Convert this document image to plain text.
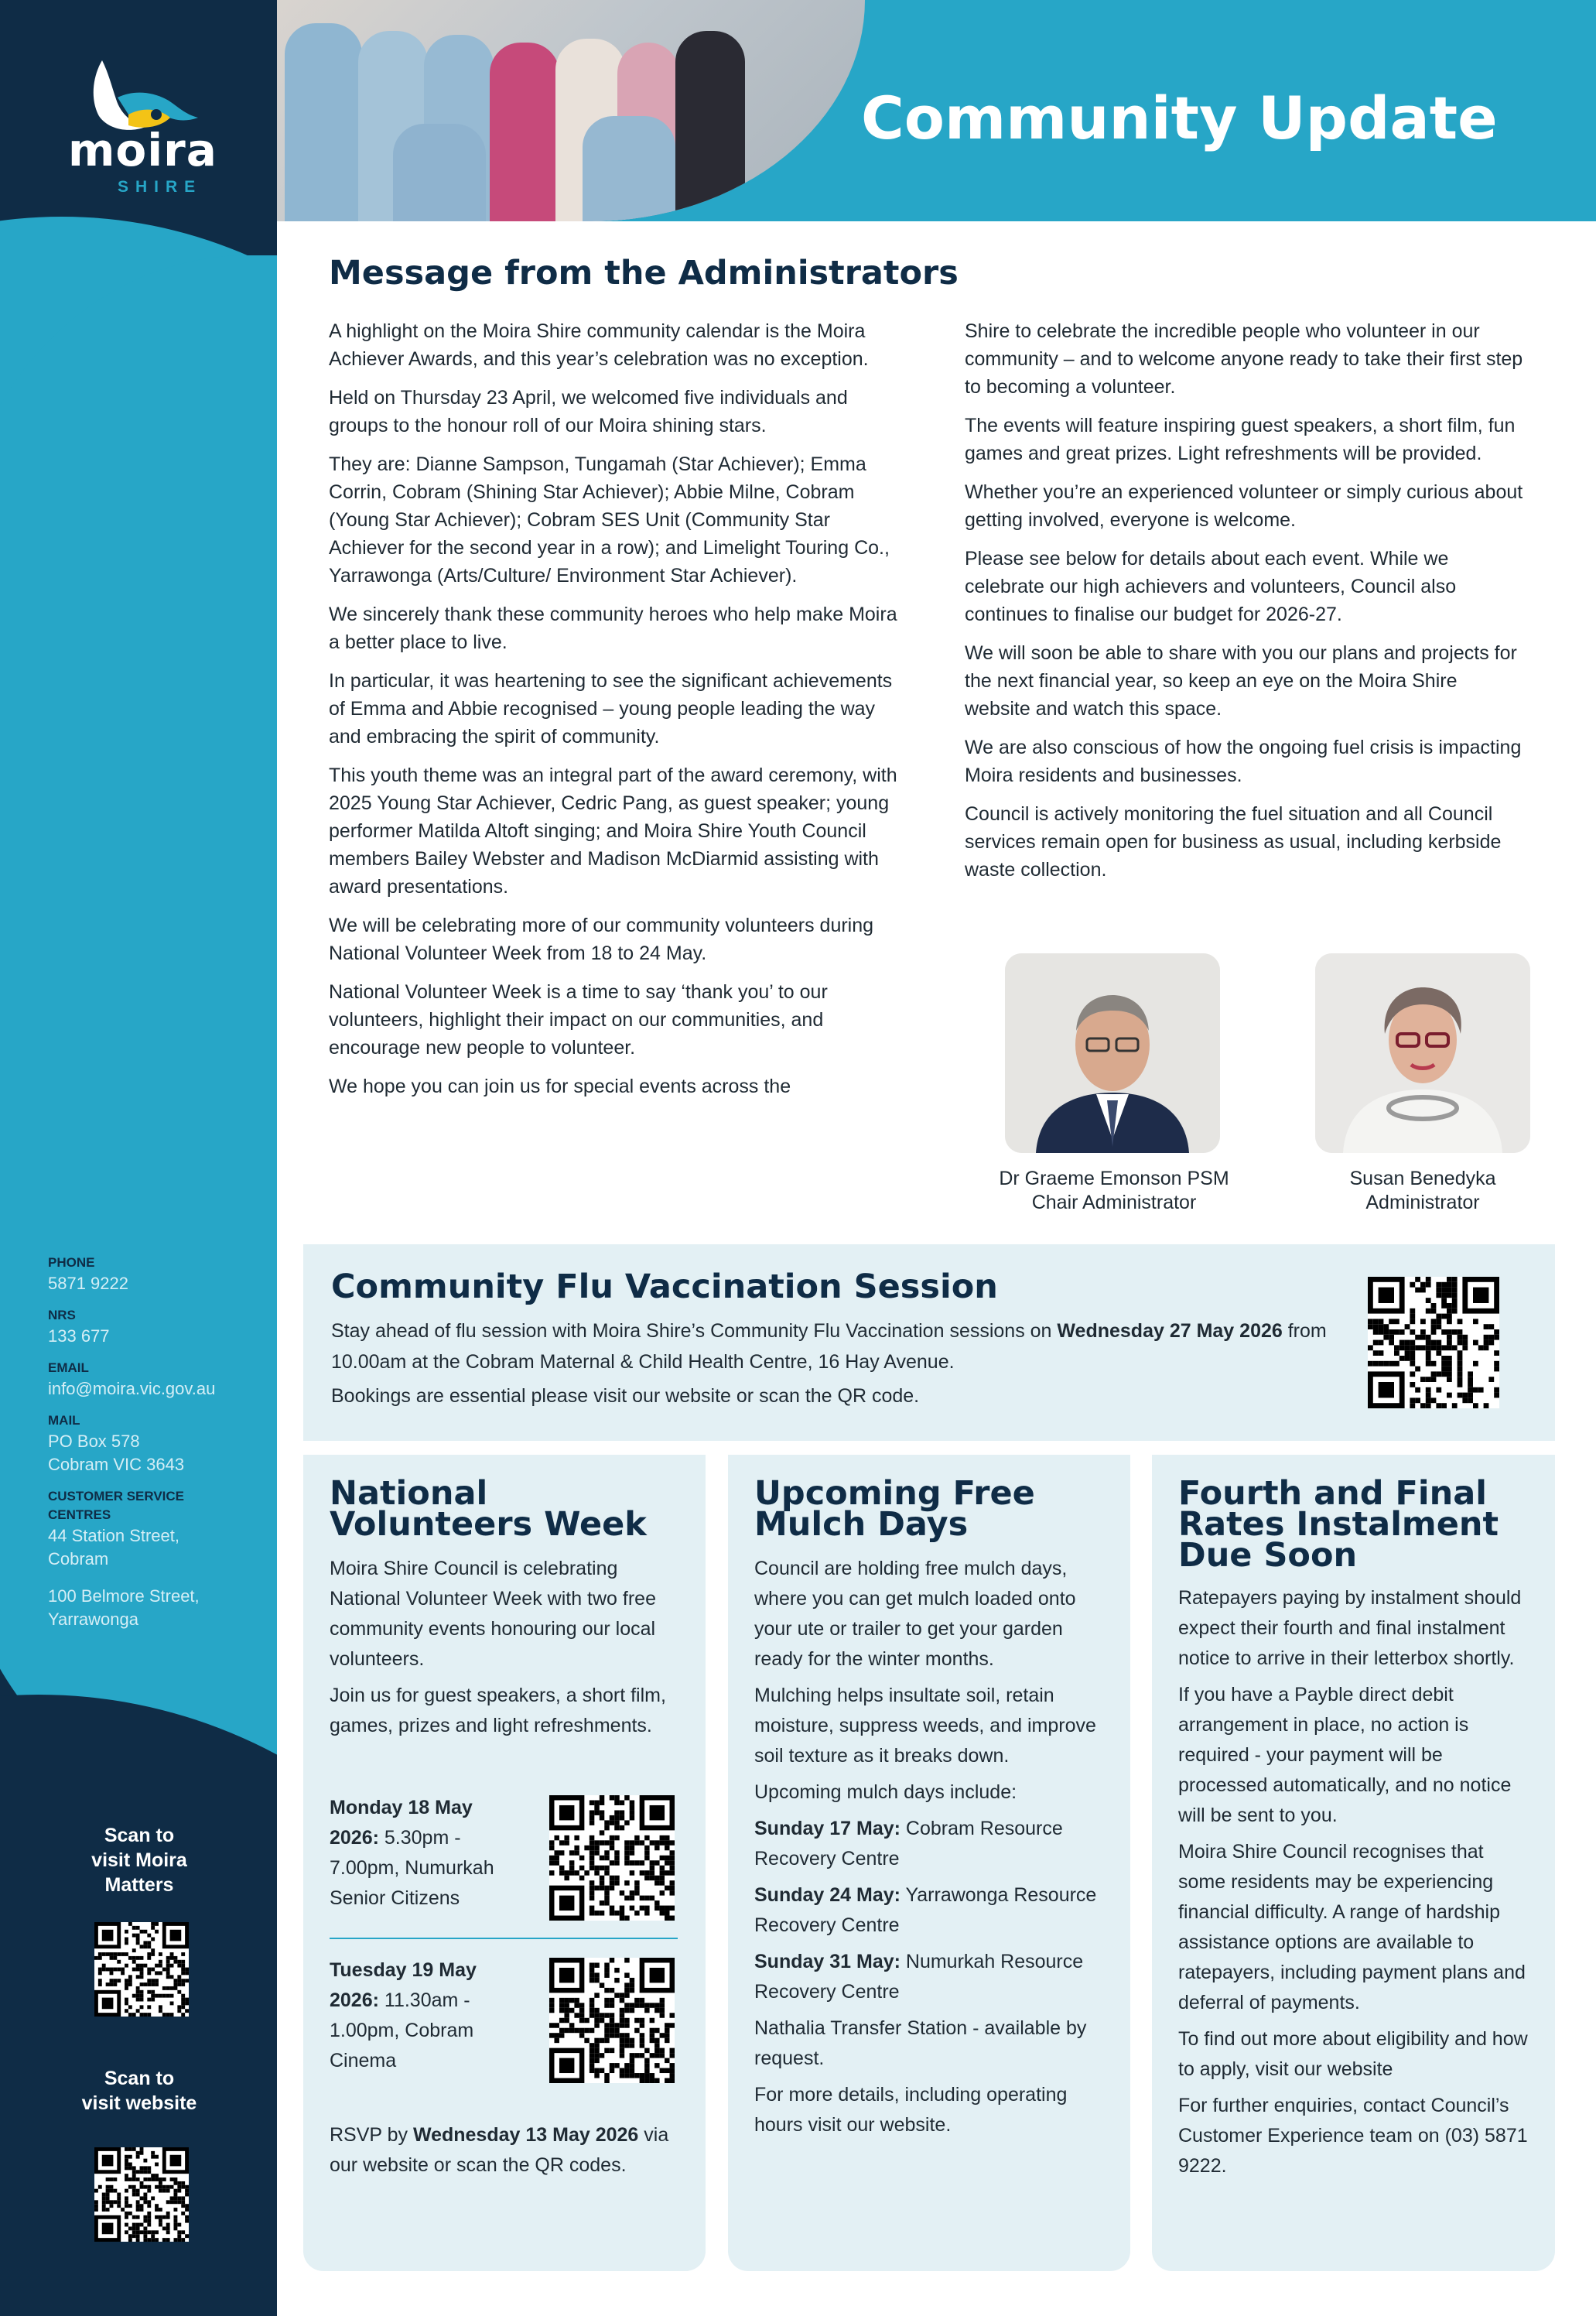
moira
SHIRE
PHONE
5871 9222
NRS
133 677
EMAIL
info@moira.vic.gov.au
MAIL
PO Box 578
Cobram VIC 3643
CUSTOMER SERVICE CENTRES
44 Station Street,
Cobram
100 Belmore Street,
Yarrawonga
Scan to
visit Moira
Matters
Scan to
visit website
Community Update
Message from the Administrators

A highlight on the Moira Shire community calendar is the Moira Achiever Awards, and this year’s celebration was no exception.

Held on Thursday 23 April, we welcomed five individuals and groups to the honour roll of our Moira shining stars.

They are: Dianne Sampson, Tungamah (Star Achiever); Emma Corrin, Cobram (Shining Star Achiever); Abbie Milne, Cobram (Young Star Achiever); Cobram SES Unit (Community Star Achiever for the second year in a row); and Limelight Touring Co., Yarrawonga (Arts/Culture/ Environment Star Achiever).

We sincerely thank these community heroes who help make Moira a better place to live.

In particular, it was heartening to see the significant achievements of Emma and Abbie recognised – young people leading the way and embracing the spirit of community.

This youth theme was an integral part of the award ceremony, with 2025 Young Star Achiever, Cedric Pang, as guest speaker; young performer Matilda Altoft singing; and Moira Shire Youth Council members Bailey Webster and Madison McDiarmid assisting with award presentations.

We will be celebrating more of our community volunteers during National Volunteer Week from 18 to 24 May.

National Volunteer Week is a time to say ‘thank you’ to our volunteers, highlight their impact on our communities, and encourage new people to volunteer.

We hope you can join us for special events across the

Shire to celebrate the incredible people who volunteer in our community – and to welcome anyone ready to take their first step to becoming a volunteer.

The events will feature inspiring guest speakers, a short film, fun games and great prizes. Light refreshments will be provided.

Whether you’re an experienced volunteer or simply curious about getting involved, everyone is welcome.

Please see below for details about each event. While we celebrate our high achievers and volunteers, Council also continues to finalise our budget for 2026-27.

We will soon be able to share with you our plans and projects for the next financial year, so keep an eye on the Moira Shire website and watch this space.

We are also conscious of how the ongoing fuel crisis is impacting Moira residents and businesses.

Council is actively monitoring the fuel situation and all Council services remain open for business as usual, including kerbside waste collection.

Dr Graeme Emonson PSM
Chair Administrator
Susan Benedyka
Administrator
Community Flu Vaccination Session
Stay ahead of flu session with Moira Shire’s Community Flu Vaccination sessions on Wednesday 27 May 2026 from 10.00am at the Cobram Maternal & Child Health Centre, 16 Hay Avenue.
Bookings are essential please visit our website or scan the QR code.
National Volunteers Week

Moira Shire Council is celebrating National Volunteer Week with two free community events honouring our local volunteers.

Join us for guest speakers, a short film, games, prizes and light refreshments.

Monday 18 May 2026: 5.30pm - 7.00pm, Numurkah Senior Citizens

Tuesday 19 May 2026: 11.30am - 1.00pm, Cobram Cinema

RSVP by Wednesday 13 May 2026 via our website or scan the QR codes.

Upcoming Free Mulch Days

Council are holding free mulch days, where you can get mulch loaded onto your ute or trailer to get your garden ready for the winter months.

Mulching helps insultate soil, retain moisture, suppress weeds, and improve soil texture as it breaks down.

Upcoming mulch days include:

Sunday 17 May: Cobram Resource Recovery Centre

Sunday 24 May: Yarrawonga Resource Recovery Centre

Sunday 31 May: Numurkah Resource Recovery Centre

Nathalia Transfer Station - available by request.

For more details, including operating hours visit our website.

Fourth and Final Rates Instalment Due Soon

Ratepayers paying by instalment should expect their fourth and final instalment notice to arrive in their letterbox shortly.

If you have a Payble direct debit arrangement in place, no action is required - your payment will be processed automatically, and no notice will be sent to you.

Moira Shire Council recognises that some residents may be experiencing financial difficulty. A range of hardship assistance options are available to ratepayers, including payment plans and deferral of payments.

To find out more about eligibility and how to apply, visit our website

For further enquiries, contact Council’s Customer Experience team on (03) 5871 9222.
